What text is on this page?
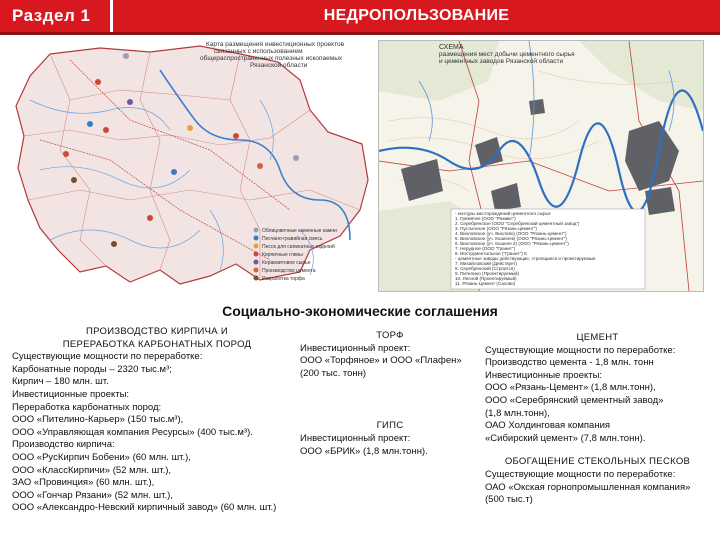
Раздел 1	НЕДРОПОЛЬЗОВАНИЕ
Карта размещения инвестиционных проектов
связанных с использованием
общераспространенных полезных ископаемых
Рязанской области
Облицовочные каменные камни
Песчано-гравийная смесь
Песок для силикатных изделий
Кирпичные глины
Керамзитовое сырье
Производство цемента
Разработка торфа
СХЕМА
размещения мест добычи цементного сырья
и цементных заводов Рязанской области
- контуры месторождений цементного сырья
1. Гремячее (ООО "Ремикс")
2. Серебрянское (ООО "Серебрянский цементный завод")
3. Пустынское (ООО "Рязань-цемент")
4. Вихловское (уч. Вихлово) (ООО "Рязань-цемент")
5. Вихловское (уч. Кошелек) (ООО "Рязань-цемент")
6. Вихловское (уч. Кошеле 2) (ООО "Рязань-цемент")
7. Нерудное (ООО "Гранит")
8. Инструментальное ("Гранит") 5
- цементные заводы действующие, строящиеся и проектируемые
7. Михайловский (Действует)
8. Серебрянский (Строится)
9. Пителино (Проектируемый)
10. Лесной (Проектируемый)
11. Рязань-Цемент (Сасово)
Социально-экономические соглашения
ПРОИЗВОДСТВО КИРПИЧА И
ПЕРЕРАБОТКА КАРБОНАТНЫХ ПОРОД
Существующие мощности по переработке:
Карбонатные породы – 2320 тыс.м³;
Кирпич – 180 млн. шт.
Инвестиционные проекты:
Переработка карбонатных пород:
ООО «Пителино-Карьер» (150 тыс.м³),
ООО «Управляющая компания Ресурсы» (400 тыс.м³).
Производство кирпича:
ООО «РусКирпич Бобени» (60 млн. шт.),
ООО «КлассКирпичи» (52 млн. шт.),
ЗАО «Провинция» (60 млн. шт.),
ООО «Гончар Рязани» (52 млн. шт.),
ООО «Александро-Невский кирпичный завод» (60 млн. шт.)
ТОРФ
Инвестиционный проект:
ООО «Торфяное» и ООО «Плафен»
(200 тыс. тонн)
ГИПС
Инвестиционный проект:
ООО «БРИК» (1,8 млн.тонн).
ЦЕМЕНТ
Существующие мощности по переработке:
Производство цемента - 1,8 млн. тонн
Инвестиционные проекты:
ООО «Рязань-Цемент» (1,8 млн.тонн),
ООО «Серебрянский цементный завод»
(1,8 млн.тонн),
ОАО Холдинговая компания
«Сибирский цемент» (7,8 млн.тонн).
ОБОГАЩЕНИЕ СТЕКОЛЬНЫХ ПЕСКОВ
Существующие мощности по переработке:
ОАО «Окская горнопромышленная компания»
(500 тыс.т)
